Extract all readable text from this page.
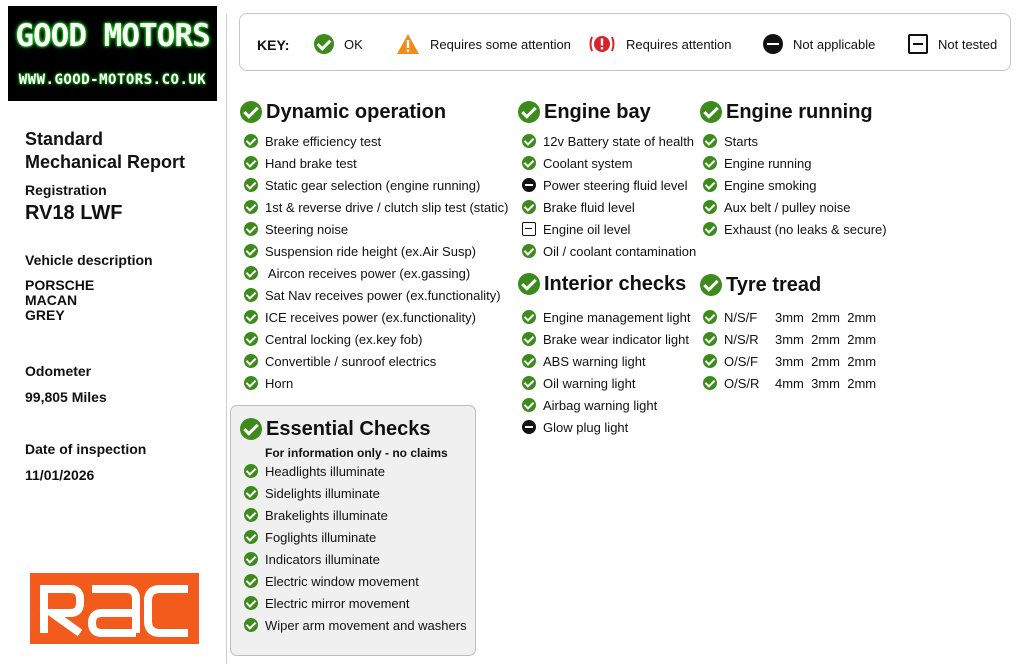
GOOD MOTORS
WWW.GOOD-MOTORS.CO.UK
Standard
Mechanical Report
Registration
RV18 LWF
Vehicle description
PORSCHE
MACAN
GREY
Odometer
99,805 Miles
Date of inspection
11/01/2026
KEY:	OK	Requires some attention	Requires attention	Not applicable	Not tested
Dynamic operation
Brake efficiency test
Hand brake test
Static gear selection (engine running)
1st & reverse drive / clutch slip test (static)
Steering noise
Suspension ride height (ex.Air Susp)
Aircon receives power (ex.gassing)
Sat Nav receives power (ex.functionality)
ICE receives power (ex.functionality)
Central locking (ex.key fob)
Convertible / sunroof electrics
Horn
Essential Checks
For information only - no claims
Headlights illuminate
Sidelights illuminate
Brakelights illuminate
Foglights illuminate
Indicators illuminate
Electric window movement
Electric mirror movement
Wiper arm movement and washers
Engine bay
12v Battery state of health
Coolant system
Power steering fluid level
Brake fluid level
Engine oil level
Oil / coolant contamination
Interior checks
Engine management light
Brake wear indicator light
ABS warning light
Oil warning light
Airbag warning light
Glow plug light
Engine running
Starts
Engine running
Engine smoking
Aux belt / pulley noise
Exhaust (no leaks & secure)
Tyre tread
N/S/F	3mm  2mm  2mm
N/S/R	3mm  2mm  2mm
O/S/F	3mm  2mm  2mm
O/S/R	4mm  3mm  2mm
